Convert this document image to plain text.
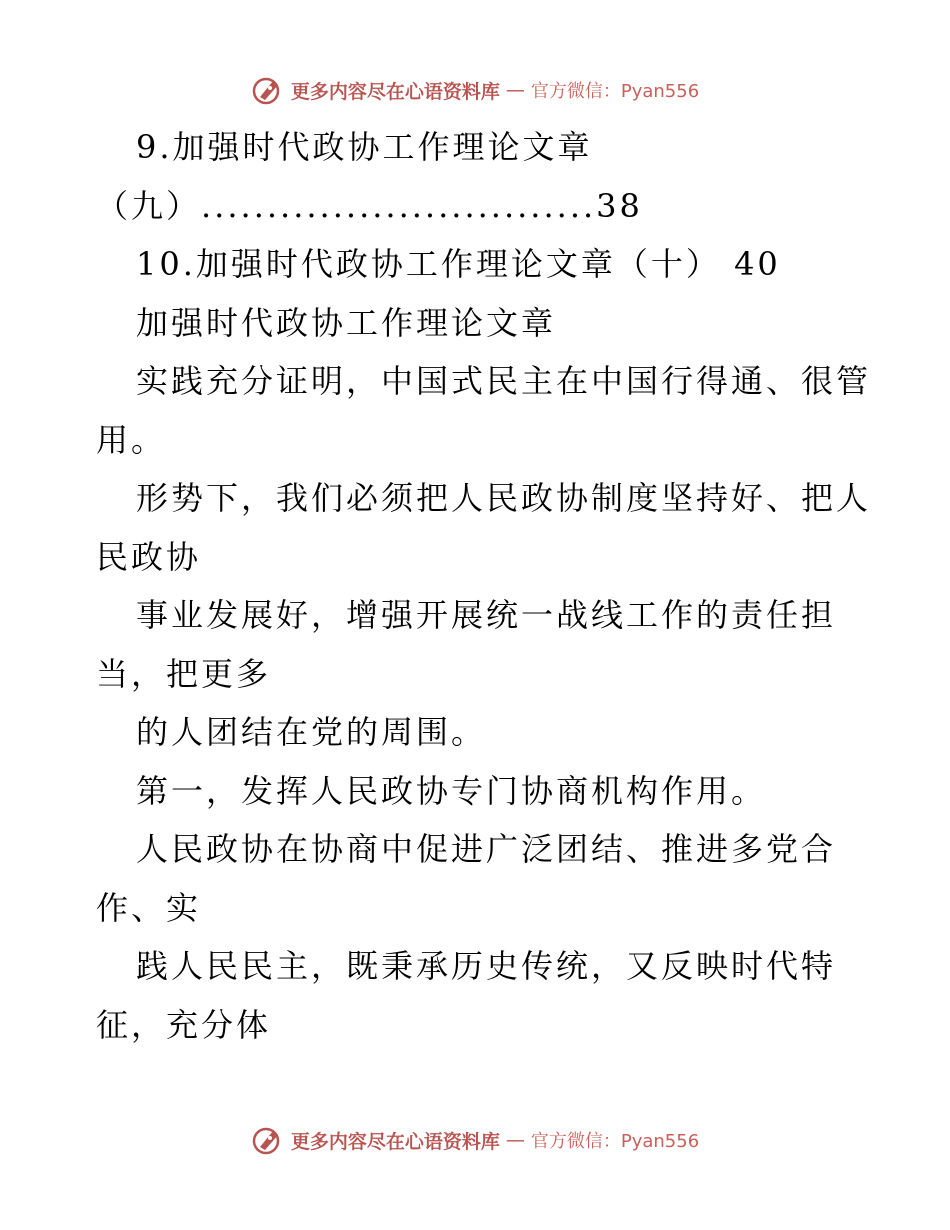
更多内容尽在心语资料库 — 官方微信：Pyan556
9.加强时代政协工作理论文章
（九）..............................38
10.加强时代政协工作理论文章（十） 40
加强时代政协工作理论文章
实践充分证明，中国式民主在中国行得通、很管
用。
形势下，我们必须把人民政协制度坚持好、把人
民政协
事业发展好，增强开展统一战线工作的责任担
当，把更多
的人团结在党的周围。
第一，发挥人民政协专门协商机构作用。
人民政协在协商中促进广泛团结、推进多党合
作、实
践人民民主，既秉承历史传统，又反映时代特
征，充分体
更多内容尽在心语资料库 — 官方微信：Pyan556
